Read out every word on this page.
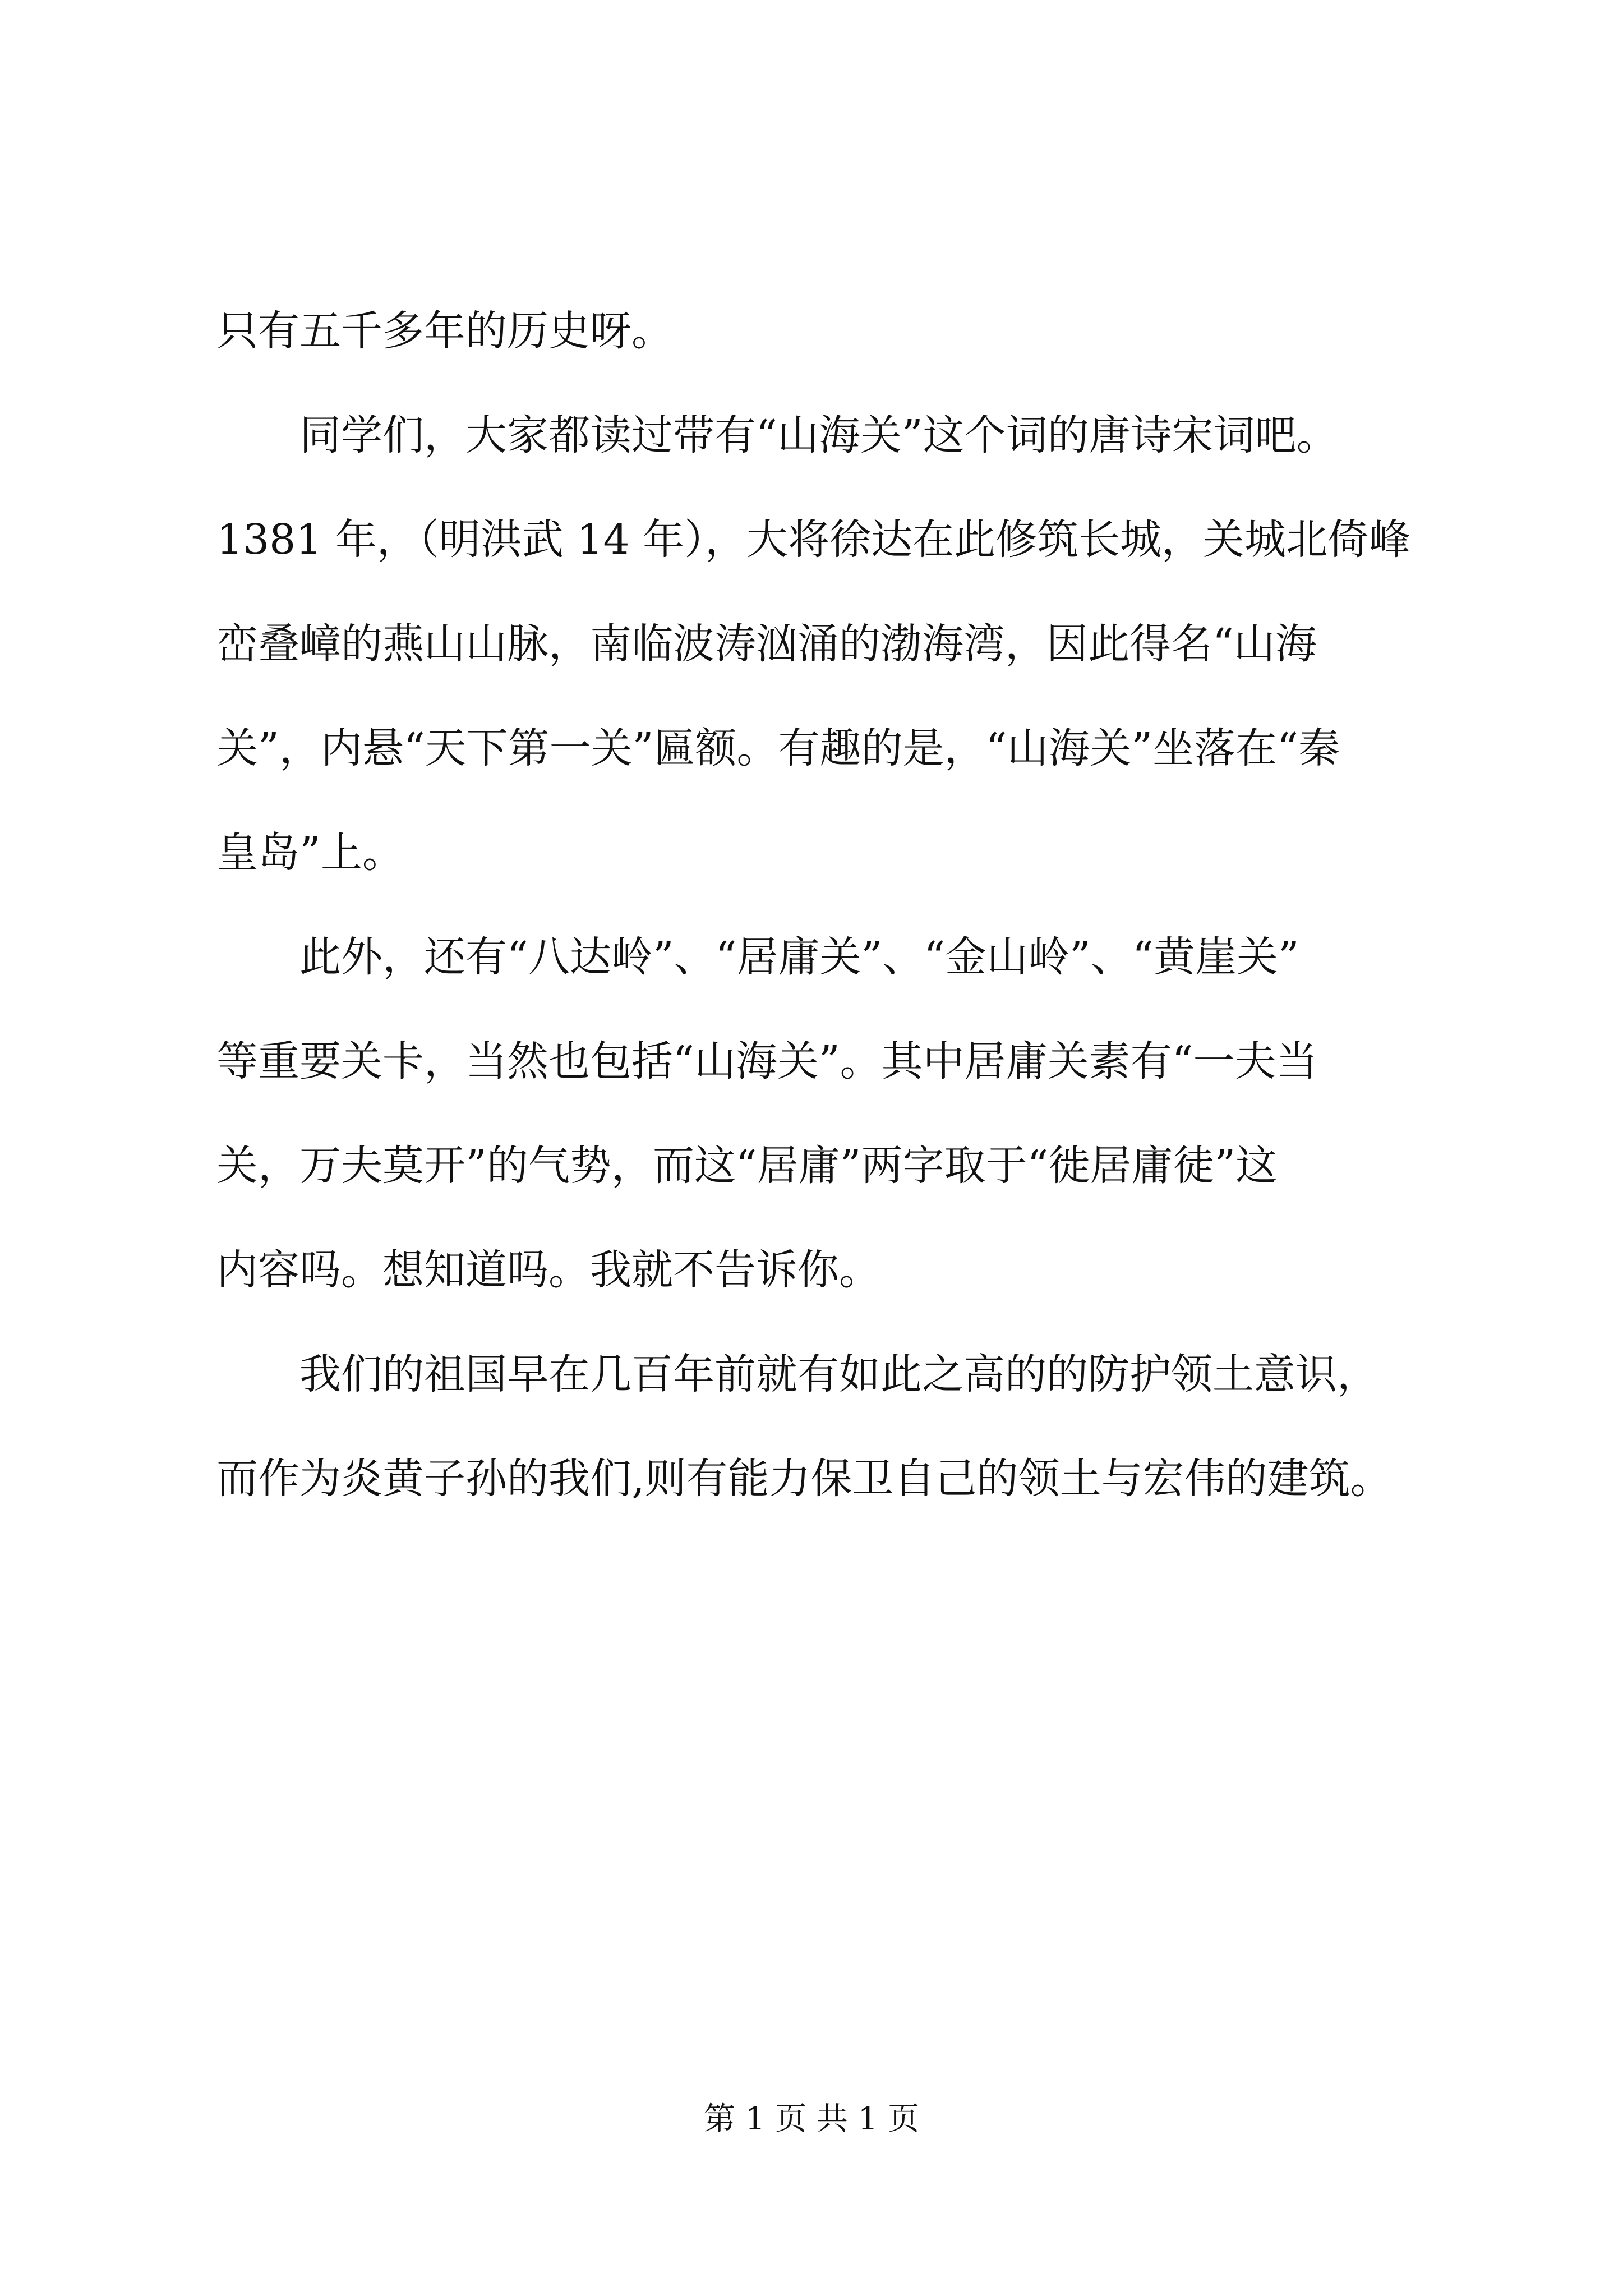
只有五千多年的历史呀。
同学们，大家都读过带有“山海关”这个词的唐诗宋词吧。
1381 年，（明洪武 14 年），大将徐达在此修筑长城，关城北倚峰
峦叠嶂的燕山山脉，南临波涛汹涌的渤海湾，因此得名“山海
关”，内悬“天下第一关”匾额。有趣的是，“山海关”坐落在“秦
皇岛”上。
此外，还有“八达岭”、“居庸关”、“金山岭”、“黄崖关”
等重要关卡，当然也包括“山海关”。其中居庸关素有“一夫当
关，万夫莫开”的气势，而这“居庸”两字取于“徙居庸徒”这
内容吗。想知道吗。我就不告诉你。
我们的祖国早在几百年前就有如此之高的的防护领土意识，
而作为炎黄子孙的我们,则有能力保卫自己的领土与宏伟的建筑。
第 1 页 共 1 页
